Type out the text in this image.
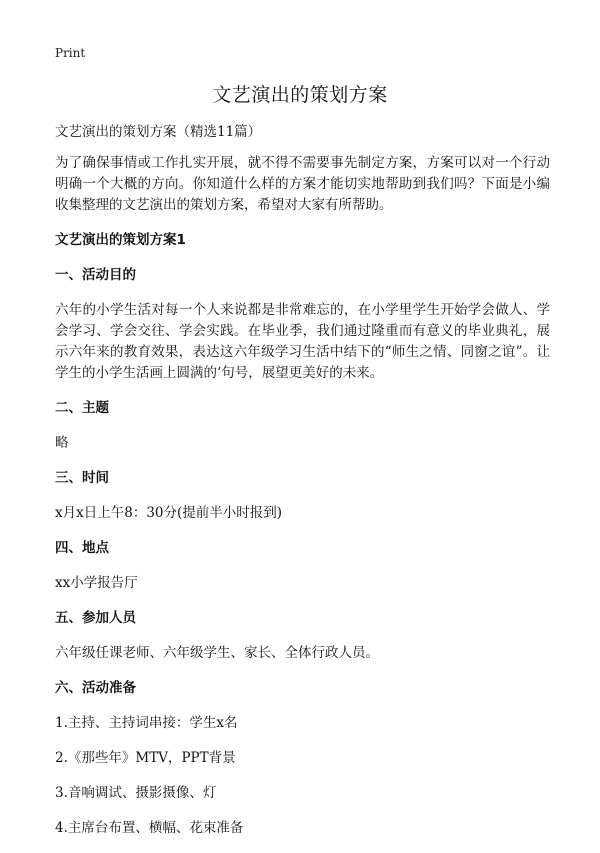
Print
文艺演出的策划方案

文艺演出的策划方案（精选11篇）

为了确保事情或工作扎实开展，就不得不需要事先制定方案，方案可以对一个行动明确一个大概的方向。你知道什么样的方案才能切实地帮助到我们吗？下面是小编收集整理的文艺演出的策划方案，希望对大家有所帮助。

文艺演出的策划方案1

一、活动目的

六年的小学生活对每一个人来说都是非常难忘的，在小学里学生开始学会做人、学会学习、学会交往、学会实践。在毕业季，我们通过隆重而有意义的毕业典礼，展示六年来的教育效果，表达这六年级学习生活中结下的“师生之情、同窗之谊”。让学生的小学生活画上圆满的‘句号，展望更美好的未来。

二、主题

略

三、时间

x月x日上午8：30分(提前半小时报到)

四、地点

xx小学报告厅

五、参加人员

六年级任课老师、六年级学生、家长、全体行政人员。

六、活动准备

1.主持、主持词串接：学生x名

2.《那些年》MTV，PPT背景

3.音响调试、摄影摄像、灯

4.主席台布置、横幅、花束准备
